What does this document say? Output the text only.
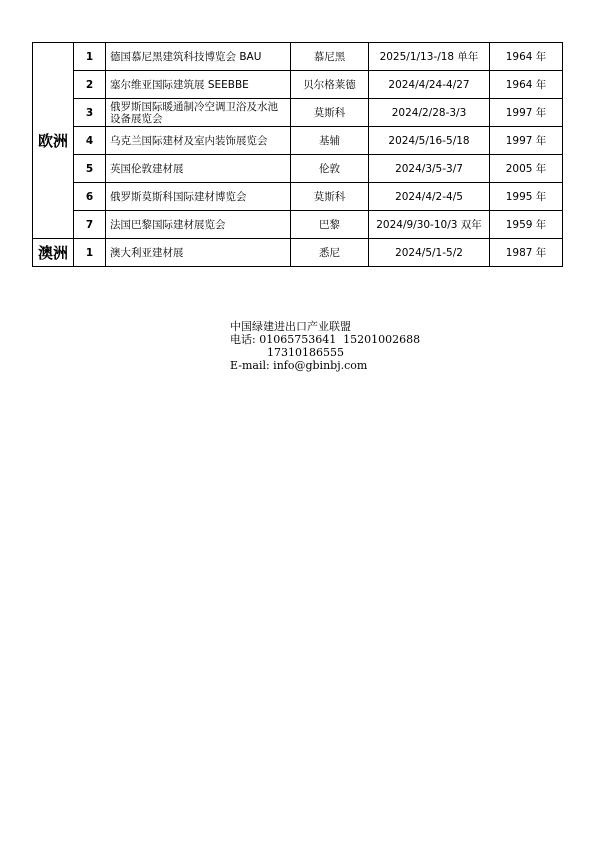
欧洲	1	德国慕尼黑建筑科技博览会 BAU	慕尼黑	2025/1/13-/18 单年	1964 年
	2	塞尔维亚国际建筑展 SEEBBE	贝尔格莱德	2024/4/24-4/27	1964 年
	3	俄罗斯国际暖通制冷空调卫浴及水池设备展览会	莫斯科	2024/2/28-3/3	1997 年
	4	乌克兰国际建材及室内装饰展览会	基辅	2024/5/16-5/18	1997 年
	5	英国伦敦建材展	伦敦	2024/3/5-3/7	2005 年
	6	俄罗斯莫斯科国际建材博览会	莫斯科	2024/4/2-4/5	1995 年
	7	法国巴黎国际建材展览会	巴黎	2024/9/30-10/3 双年	1959 年
澳洲	1	澳大利亚建材展	悉尼	2024/5/1-5/2	1987 年
中国绿建进出口产业联盟
电话: 01065753641  15201002688
17310186555
E-mail: info@gbinbj.com
